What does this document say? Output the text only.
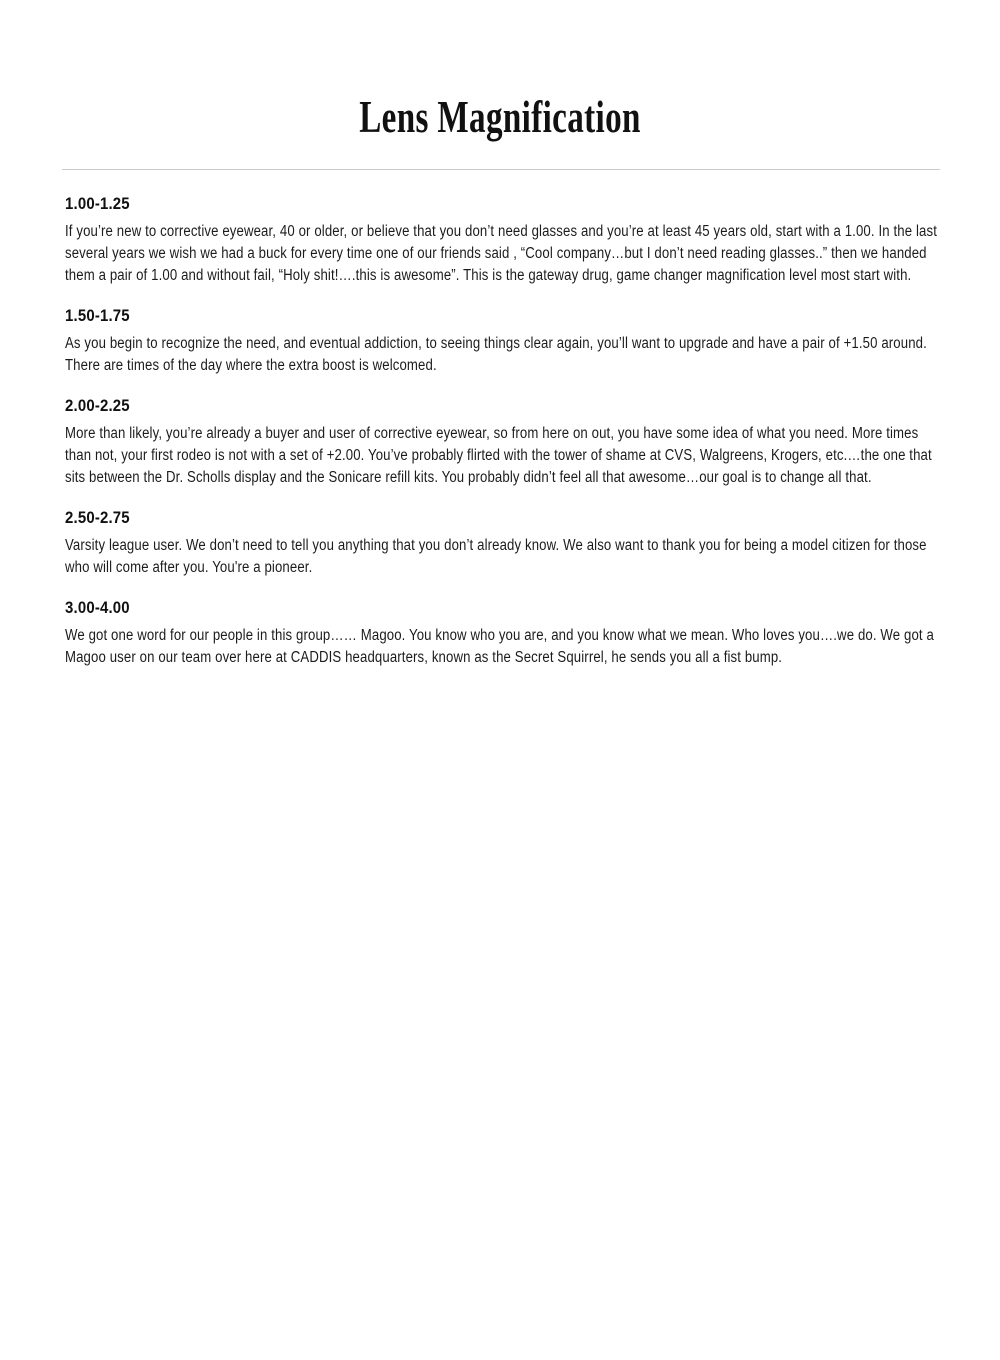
Lens Magnification
1.00-1.25

If you’re new to corrective eyewear, 40 or older, or believe that you don’t need glasses and you’re at least 45 years old, start with a 1.00. In the last several years we wish we had a buck for every time one of our friends said , “Cool company…but I don’t need reading glasses..” then we handed them a pair of 1.00 and without fail, “Holy shit!….this is awesome”. This is the gateway drug, game changer magnification level most start with.

1.50-1.75

As you begin to recognize the need, and eventual addiction, to seeing things clear again, you’ll want to upgrade and have a pair of +1.50 around. There are times of the day where the extra boost is welcomed.

2.00-2.25

More than likely, you’re already a buyer and user of corrective eyewear, so from here on out, you have some idea of what you need. More times than not, your first rodeo is not with a set of +2.00. You’ve probably flirted with the tower of shame at CVS, Walgreens, Krogers, etc.…the one that sits between the Dr. Scholls display and the Sonicare refill kits. You probably didn’t feel all that awesome…our goal is to change all that.

2.50-2.75

Varsity league user. We don’t need to tell you anything that you don’t already know. We also want to thank you for being a model citizen for those who will come after you. You're a pioneer.

3.00-4.00

We got one word for our people in this group…… Magoo. You know who you are, and you know what we mean. Who loves you….we do. We got a Magoo user on our team over here at CADDIS headquarters, known as the Secret Squirrel, he sends you all a fist bump.
